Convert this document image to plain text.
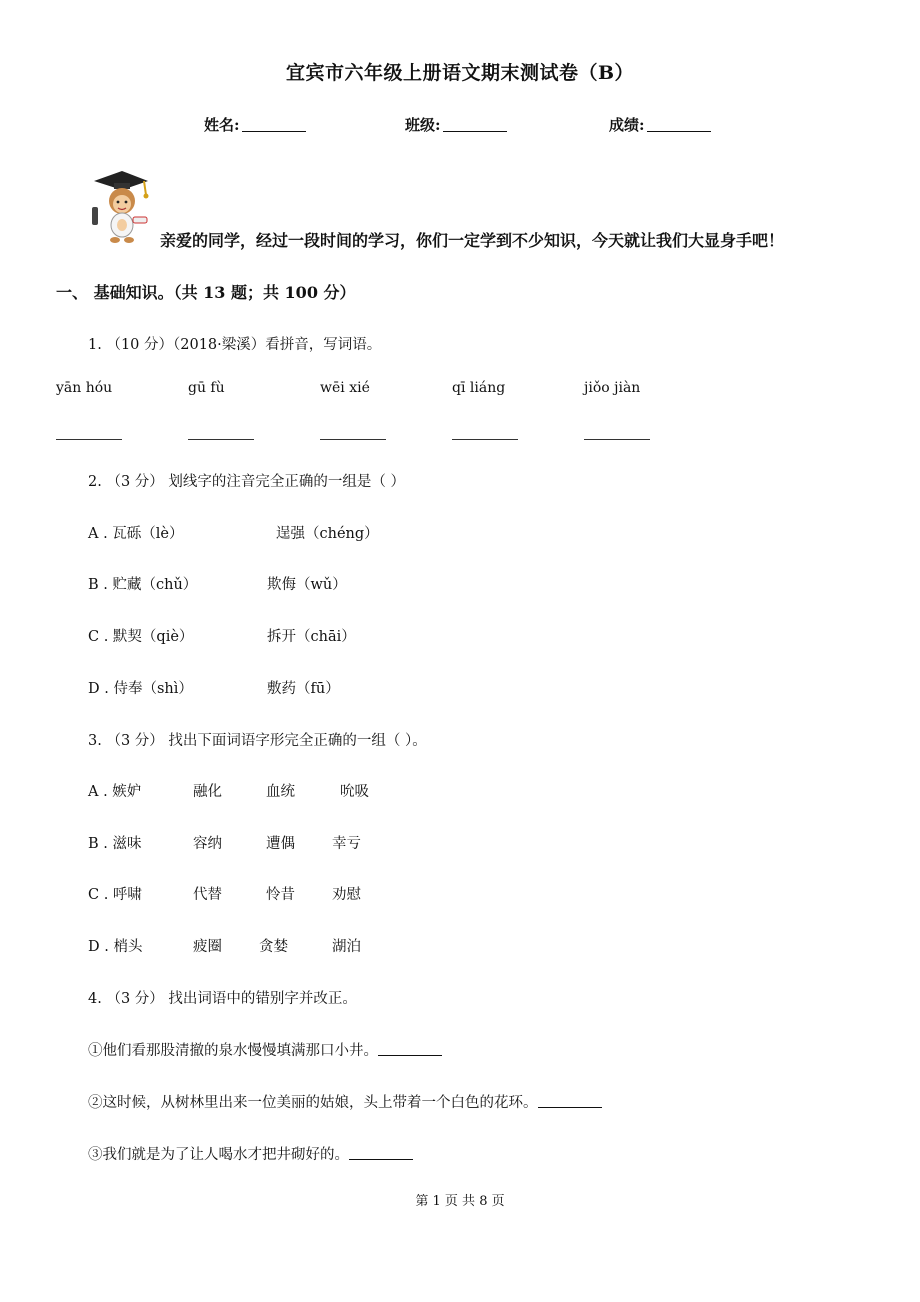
宜宾市六年级上册语文期末测试卷（B）
姓名:	班级:	成绩:
亲爱的同学，经过一段时间的学习，你们一定学到不少知识，今天就让我们大显身手吧！
一、 基础知识。（共 13 题；共 100 分）
1. （10 分）（2018·梁溪）看拼音，写词语。
yān hóu	gū fù	wēi xié	qī liáng	jiǒo jiàn
2. （3 分） 划线字的注音完全正确的一组是（ ）
A . 瓦砾（lè）	逞强（chéng）
B . 贮藏（chǔ）	欺侮（wǔ）
C . 默契（qiè）	拆开（chāi）
D . 侍奉（shì）	敷药（fū）
3. （3 分） 找出下面词语字形完全正确的一组（ ）。
A . 嫉妒	融化	血统	吮吸
B . 滋味	容纳	遭偶	幸亏
C . 呼啸	代替	怜昔	劝慰
D . 梢头	疲圈	贪婪	湖泊
4. （3 分） 找出词语中的错别字并改正。
①他们看那股清撤的泉水慢慢填满那口小井。
②这时候，从树林里出来一位美丽的姑娘，头上带着一个白色的花环。
③我们就是为了让人喝水才把井砌好的。
第 1 页 共 8 页
